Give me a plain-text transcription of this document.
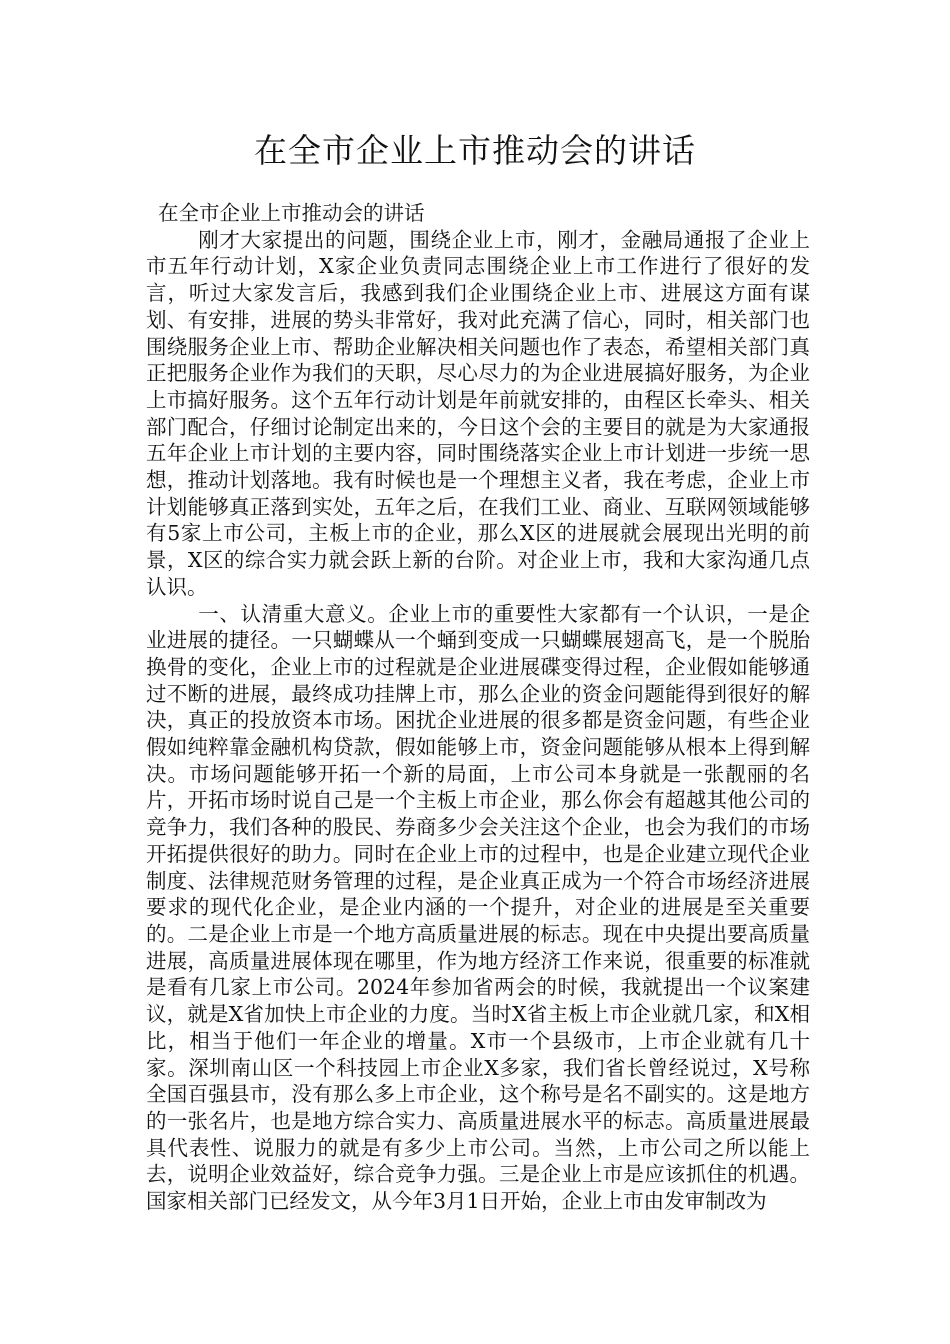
在全市企业上市推动会的讲话

在全市企业上市推动会的讲话

刚才大家提出的问题，围绕企业上市，刚才，金融局通报了企业上市五年行动计划，X家企业负责同志围绕企业上市工作进行了很好的发言，听过大家发言后，我感到我们企业围绕企业上市、进展这方面有谋划、有安排，进展的势头非常好，我对此充满了信心，同时，相关部门也围绕服务企业上市、帮助企业解决相关问题也作了表态，希望相关部门真正把服务企业作为我们的天职，尽心尽力的为企业进展搞好服务，为企业上市搞好服务。这个五年行动计划是年前就安排的，由程区长牵头、相关部门配合，仔细讨论制定出来的，今日这个会的主要目的就是为大家通报五年企业上市计划的主要内容，同时围绕落实企业上市计划进一步统一思想，推动计划落地。我有时候也是一个理想主义者，我在考虑，企业上市计划能够真正落到实处，五年之后，在我们工业、商业、互联网领域能够有5家上市公司，主板上市的企业，那么X区的进展就会展现出光明的前景，X区的综合实力就会跃上新的台阶。对企业上市，我和大家沟通几点认识。

一、认清重大意义。企业上市的重要性大家都有一个认识，一是企业进展的捷径。一只蝴蝶从一个蛹到变成一只蝴蝶展翅高飞，是一个脱胎换骨的变化，企业上市的过程就是企业进展碟变得过程，企业假如能够通过不断的进展，最终成功挂牌上市，那么企业的资金问题能得到很好的解决，真正的投放资本市场。困扰企业进展的很多都是资金问题，有些企业假如纯粹靠金融机构贷款，假如能够上市，资金问题能够从根本上得到解决。市场问题能够开拓一个新的局面，上市公司本身就是一张靓丽的名片，开拓市场时说自己是一个主板上市企业，那么你会有超越其他公司的竞争力，我们各种的股民、券商多少会关注这个企业，也会为我们的市场开拓提供很好的助力。同时在企业上市的过程中，也是企业建立现代企业制度、法律规范财务管理的过程，是企业真正成为一个符合市场经济进展要求的现代化企业，是企业内涵的一个提升，对企业的进展是至关重要的。二是企业上市是一个地方高质量进展的标志。现在中央提出要高质量进展，高质量进展体现在哪里，作为地方经济工作来说，很重要的标准就是看有几家上市公司。2024年参加省两会的时候，我就提出一个议案建议，就是X省加快上市企业的力度。当时X省主板上市企业就几家，和X相比，相当于他们一年企业的增量。X市一个县级市，上市企业就有几十家。深圳南山区一个科技园上市企业X多家，我们省长曾经说过，X号称全国百强县市，没有那么多上市企业，这个称号是名不副实的。这是地方的一张名片，也是地方综合实力、高质量进展水平的标志。高质量进展最具代表性、说服力的就是有多少上市公司。当然，上市公司之所以能上去，说明企业效益好，综合竞争力强。三是企业上市是应该抓住的机遇。国家相关部门已经发文，从今年3月1日开始，企业上市由发审制改为
